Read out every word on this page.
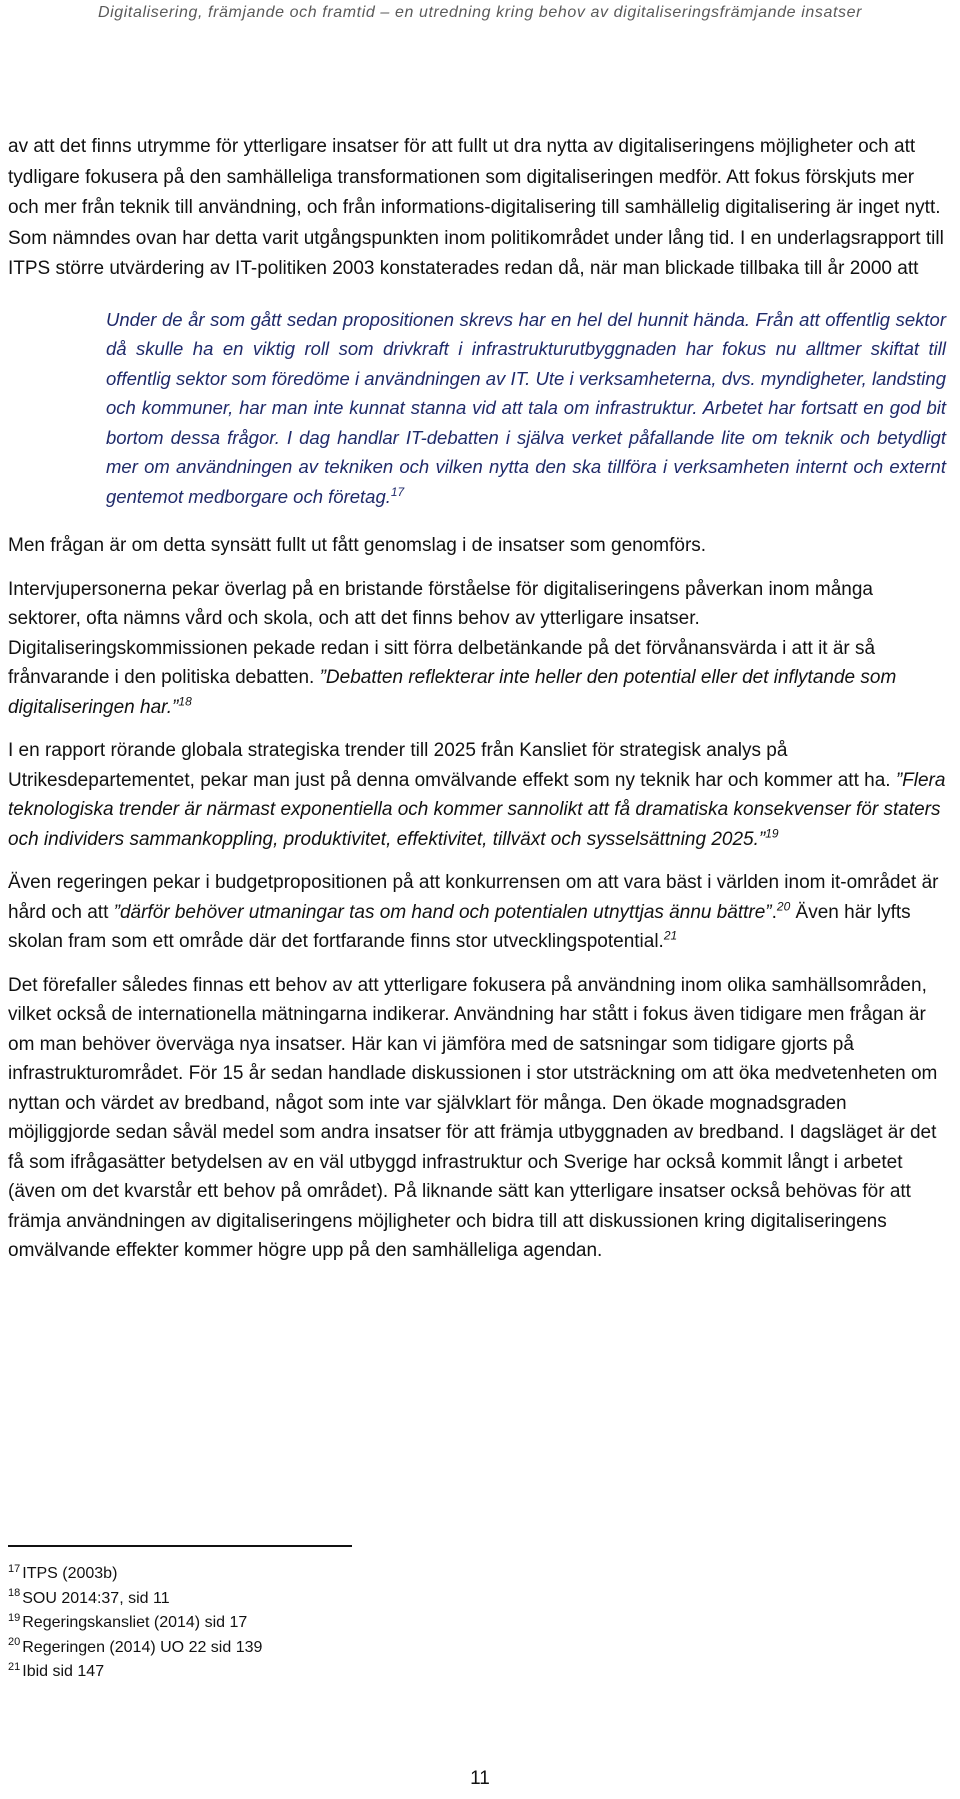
Digitalisering, främjande och framtid – en utredning kring behov av digitaliseringsfrämjande insatser

av att det finns utrymme för ytterligare insatser för att fullt ut dra nytta av digitaliseringens möjligheter och att tydligare fokusera på den samhälleliga transformationen som digitaliseringen medför. Att fokus förskjuts mer och mer från teknik till användning, och från informations-digitalisering till samhällelig digitalisering är inget nytt. Som nämndes ovan har detta varit utgångspunkten inom politikområdet under lång tid. I en underlagsrapport till ITPS större utvärdering av IT-politiken 2003 konstaterades redan då, när man blickade tillbaka till år 2000 att

Under de år som gått sedan propositionen skrevs har en hel del hunnit hända. Från att offentlig sektor då skulle ha en viktig roll som drivkraft i infrastrukturutbyggnaden har fokus nu alltmer skiftat till offentlig sektor som föredöme i användningen av IT. Ute i verksamheterna, dvs. myndigheter, landsting och kommuner, har man inte kunnat stanna vid att tala om infrastruktur. Arbetet har fortsatt en god bit bortom dessa frågor. I dag handlar IT-debatten i själva verket påfallande lite om teknik och betydligt mer om användningen av tekniken och vilken nytta den ska tillföra i verksamheten internt och externt gentemot medborgare och företag.$^{17}$

Men frågan är om detta synsätt fullt ut fått genomslag i de insatser som genomförs.

Intervjupersonerna pekar överlag på en bristande förståelse för digitaliseringens påverkan inom många sektorer, ofta nämns vård och skola, och att det finns behov av ytterligare insatser.

Digitaliseringskommissionen pekade redan i sitt förra delbetänkande på det förvånansvärda i att it är så frånvarande i den politiska debatten. ”Debatten reflekterar inte heller den potential eller det inflytande som digitaliseringen har.”$^{18}$

I en rapport rörande globala strategiska trender till 2025 från Kansliet för strategisk analys på Utrikesdepartementet, pekar man just på denna omvälvande effekt som ny teknik har och kommer att ha. ”Flera teknologiska trender är närmast exponentiella och kommer sannolikt att få dramatiska konsekvenser för staters och individers sammankoppling, produktivitet, effektivitet, tillväxt och sysselsättning 2025.”$^{19}$

Även regeringen pekar i budgetpropositionen på att konkurrensen om att vara bäst i världen inom it-området är hård och att ”därför behöver utmaningar tas om hand och potentialen utnyttjas ännu bättre”.$^{20}$ Även här lyfts skolan fram som ett område där det fortfarande finns stor utvecklingspotential.$^{21}$

Det förefaller således finnas ett behov av att ytterligare fokusera på användning inom olika samhällsområden, vilket också de internationella mätningarna indikerar. Användning har stått i fokus även tidigare men frågan är om man behöver överväga nya insatser. Här kan vi jämföra med de satsningar som tidigare gjorts på infrastrukturområdet. För 15 år sedan handlade diskussionen i stor utsträckning om att öka medvetenheten om nyttan och värdet av bredband, något som inte var självklart för många. Den ökade mognadsgraden möjliggjorde sedan såväl medel som andra insatser för att främja utbyggnaden av bredband. I dagsläget är det få som ifrågasätter betydelsen av en väl utbyggd infrastruktur och Sverige har också kommit långt i arbetet (även om det kvarstår ett behov på området). På liknande sätt kan ytterligare insatser också behövas för att främja användningen av digitaliseringens möjligheter och bidra till att diskussionen kring digitaliseringens omvälvande effekter kommer högre upp på den samhälleliga agendan.

$^{17}$ ITPS (2003b)

$^{18}$ SOU 2014:37, sid 11

$^{19}$ Regeringskansliet (2014) sid 17

$^{20}$ Regeringen (2014) UO 22 sid 139

$^{21}$ Ibid sid 147

11
